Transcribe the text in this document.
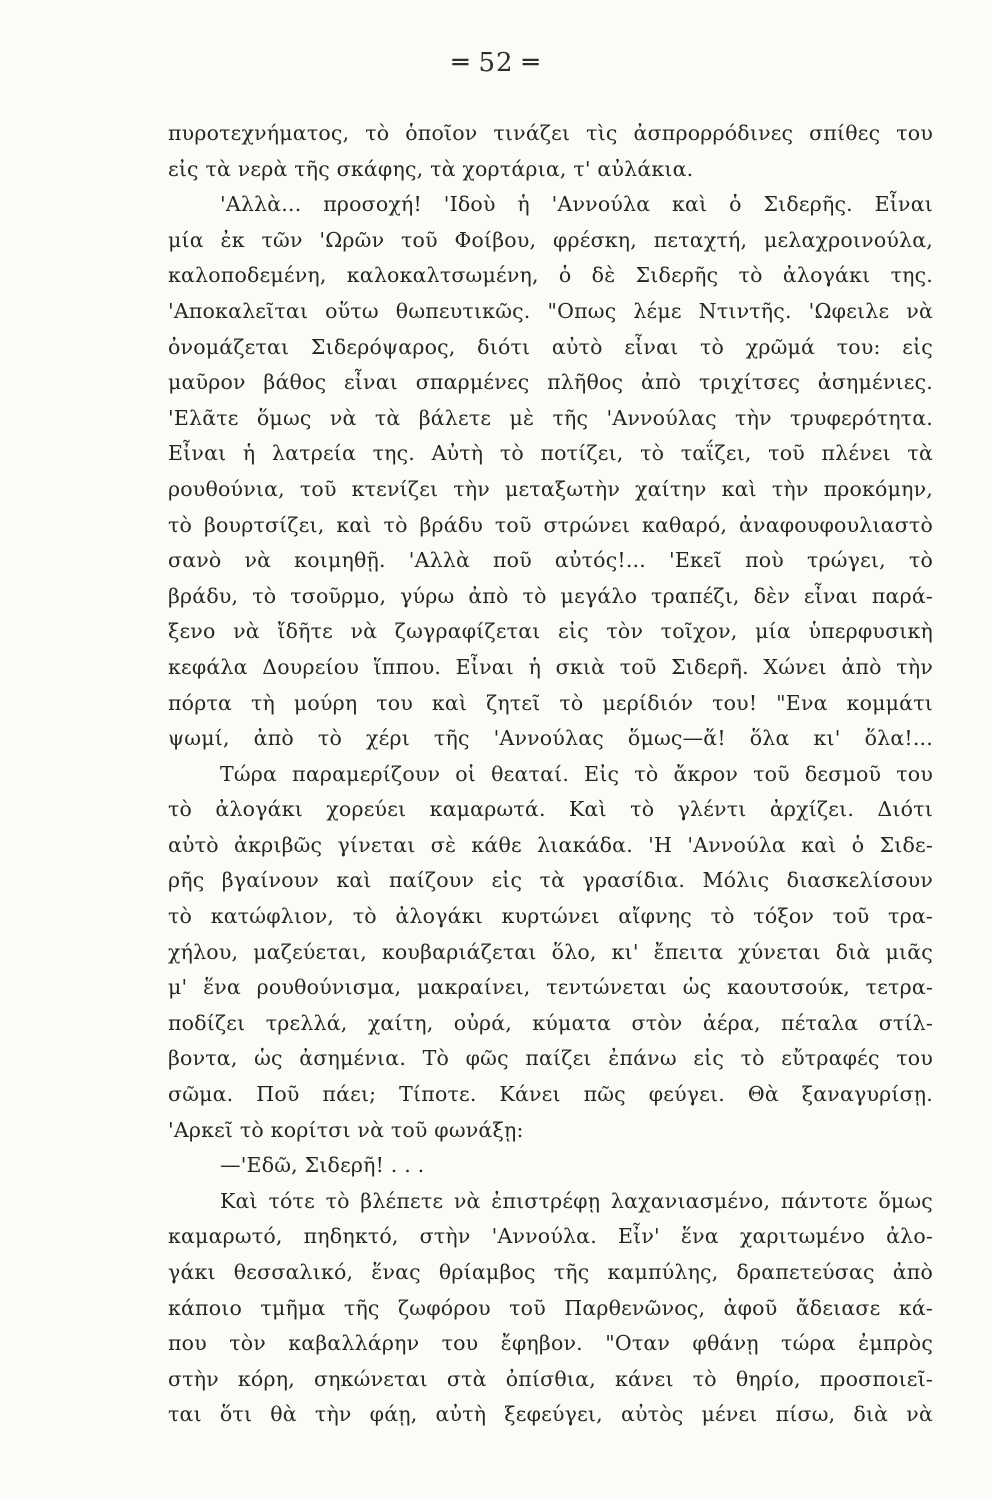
═ 52 ═
πυροτεχνήματος, τὸ ὁποῖον τινάζει τὶς ἀσπρορρόδινες σπίθες του
εἰς τὰ νερὰ τῆς σκάφης, τὰ χορτάρια, τ' αὐλάκια.
'Αλλὰ... προσοχή! 'Ιδοὺ ἡ 'Αννούλα καὶ ὁ Σιδερῆς. Εἶναι
μία ἐκ τῶν 'Ωρῶν τοῦ Φοίβου, φρέσκη, πεταχτή, μελαχροινούλα,
καλοποδεμένη, καλοκαλτσωμένη, ὁ δὲ Σιδερῆς τὸ ἀλογάκι της.
'Αποκαλεῖται οὕτω θωπευτικῶς. "Οπως λέμε Ντιντῆς. 'Ωφειλε νὰ
ὀνομάζεται Σιδερόψαρος, διότι αὐτὸ εἶναι τὸ χρῶμά του: εἰς
μαῦρον βάθος εἶναι σπαρμένες πλῆθος ἀπὸ τριχίτσες ἀσημένιες.
'Ελᾶτε ὅμως νὰ τὰ βάλετε μὲ τῆς 'Αννούλας τὴν τρυφερότητα.
Εἶναι ἡ λατρεία της. Αὐτὴ τὸ ποτίζει, τὸ ταΐζει, τοῦ πλένει τὰ
ρουθούνια, τοῦ κτενίζει τὴν μεταξωτὴν χαίτην καὶ τὴν προκόμην,
τὸ βουρτσίζει, καὶ τὸ βράδυ τοῦ στρώνει καθαρό, ἀναφουφουλιαστὸ
σανὸ νὰ κοιμηθῇ. 'Αλλὰ ποῦ αὐτός!... 'Εκεῖ ποὺ τρώγει, τὸ
βράδυ, τὸ τσοῦρμο, γύρω ἀπὸ τὸ μεγάλο τραπέζι, δὲν εἶναι παρά-
ξενο νὰ ἴδῆτε νὰ ζωγραφίζεται εἰς τὸν τοῖχον, μία ὑπερφυσικὴ
κεφάλα Δουρείου ἵππου. Εἶναι ἡ σκιὰ τοῦ Σιδερῆ. Χώνει ἀπὸ τὴν
πόρτα τὴ μούρη του καὶ ζητεῖ τὸ μερίδιόν του! "Ενα κομμάτι
ψωμί, ἀπὸ τὸ χέρι τῆς 'Αννούλας ὅμως—ἅ! ὅλα κι' ὅλα!...
Τώρα παραμερίζουν οἱ θεαταί. Εἰς τὸ ἄκρον τοῦ δεσμοῦ του
τὸ ἀλογάκι χορεύει καμαρωτά. Καὶ τὸ γλέντι ἀρχίζει. Διότι
αὐτὸ ἀκριβῶς γίνεται σὲ κάθε λιακάδα. 'Η 'Αννούλα καὶ ὁ Σιδε-
ρῆς βγαίνουν καὶ παίζουν εἰς τὰ γρασίδια. Μόλις διασκελίσουν
τὸ κατώφλιον, τὸ ἀλογάκι κυρτώνει αἴφνης τὸ τόξον τοῦ τρα-
χήλου, μαζεύεται, κουβαριάζεται ὅλο, κι' ἔπειτα χύνεται διὰ μιᾶς
μ' ἕνα ρουθούνισμα, μακραίνει, τεντώνεται ὡς καουτσούκ, τετρα-
ποδίζει τρελλά, χαίτη, οὐρά, κύματα στὸν ἀέρα, πέταλα στίλ-
βοντα, ὡς ἀσημένια. Τὸ φῶς παίζει ἐπάνω εἰς τὸ εὔτραφές του
σῶμα. Ποῦ πάει; Τίποτε. Κάνει πῶς φεύγει. Θὰ ξαναγυρίσῃ.
'Αρκεῖ τὸ κορίτσι νὰ τοῦ φωνάξῃ:
—'Εδῶ, Σιδερῆ! . . .
Καὶ τότε τὸ βλέπετε νὰ ἐπιστρέφῃ λαχανιασμένο, πάντοτε ὅμως
καμαρωτό, πηδηκτό, στὴν 'Αννούλα. Εἶν' ἕνα χαριτωμένο ἀλο-
γάκι θεσσαλικό, ἕνας θρίαμβος τῆς καμπύλης, δραπετεύσας ἀπὸ
κάποιο τμῆμα τῆς ζωφόρου τοῦ Παρθενῶνος, ἀφοῦ ἄδειασε κά-
που τὸν καβαλλάρην του ἔφηβον. "Οταν φθάνῃ τώρα ἐμπρὸς
στὴν κόρη, σηκώνεται στὰ ὀπίσθια, κάνει τὸ θηρίο, προσποιεῖ-
ται ὅτι θὰ τὴν φάῃ, αὐτὴ ξεφεύγει, αὐτὸς μένει πίσω, διὰ νὰ
